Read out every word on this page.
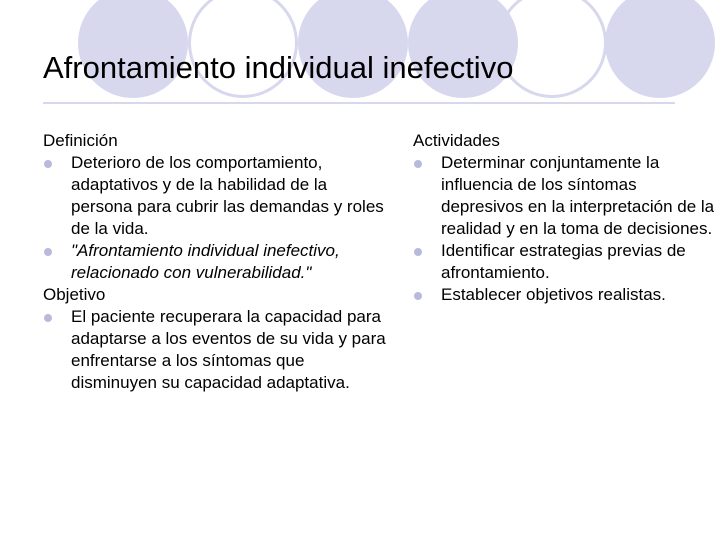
Afrontamiento individual inefectivo

Definición

Deterioro de los comportamiento, adaptativos y de la habilidad de la persona para cubrir las demandas y roles de la vida.

"Afrontamiento individual inefectivo, relacionado con vulnerabilidad."

Objetivo

El paciente recuperara la capacidad para adaptarse a los eventos de su vida y para enfrentarse a los síntomas que disminuyen su capacidad adaptativa.

Actividades

Determinar conjuntamente la influencia de los síntomas depresivos en la interpretación de la realidad y en la toma de decisiones.

Identificar estrategias previas de afrontamiento.

Establecer objetivos realistas.
